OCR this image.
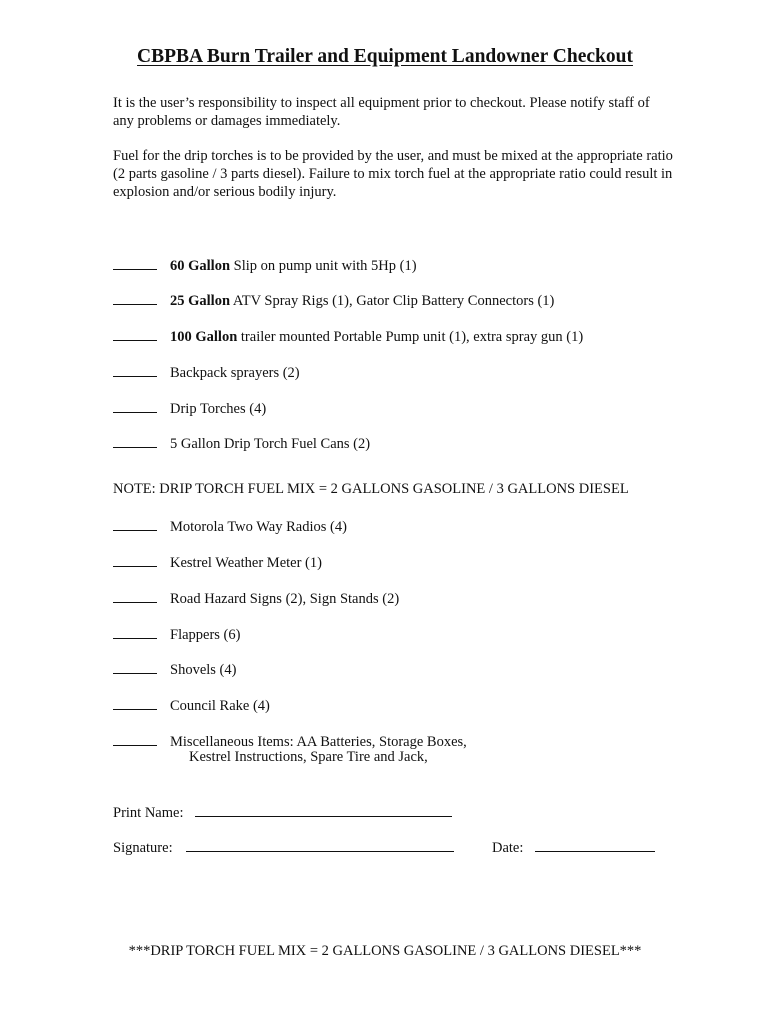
CBPBA Burn Trailer and Equipment Landowner Checkout
It is the user’s responsibility to inspect all equipment prior to checkout. Please notify staff of any problems or damages immediately.
Fuel for the drip torches is to be provided by the user, and must be mixed at the appropriate ratio (2 parts gasoline / 3 parts diesel). Failure to mix torch fuel at the appropriate ratio could result in explosion and/or serious bodily injury.
60 Gallon Slip on pump unit with 5Hp (1)
25 Gallon ATV Spray Rigs (1), Gator Clip Battery Connectors (1)
100 Gallon trailer mounted Portable Pump unit (1), extra spray gun (1)
Backpack sprayers (2)
Drip Torches (4)
5 Gallon Drip Torch Fuel Cans (2)
NOTE: DRIP TORCH FUEL MIX = 2 GALLONS GASOLINE / 3 GALLONS DIESEL
Motorola Two Way Radios (4)
Kestrel Weather Meter (1)
Road Hazard Signs (2), Sign Stands (2)
Flappers (6)
Shovels (4)
Council Rake (4)
Miscellaneous Items: AA Batteries, Storage Boxes,
Kestrel Instructions, Spare Tire and Jack,
Print Name:
Signature:	Date:
***DRIP TORCH FUEL MIX = 2 GALLONS GASOLINE / 3 GALLONS DIESEL***
